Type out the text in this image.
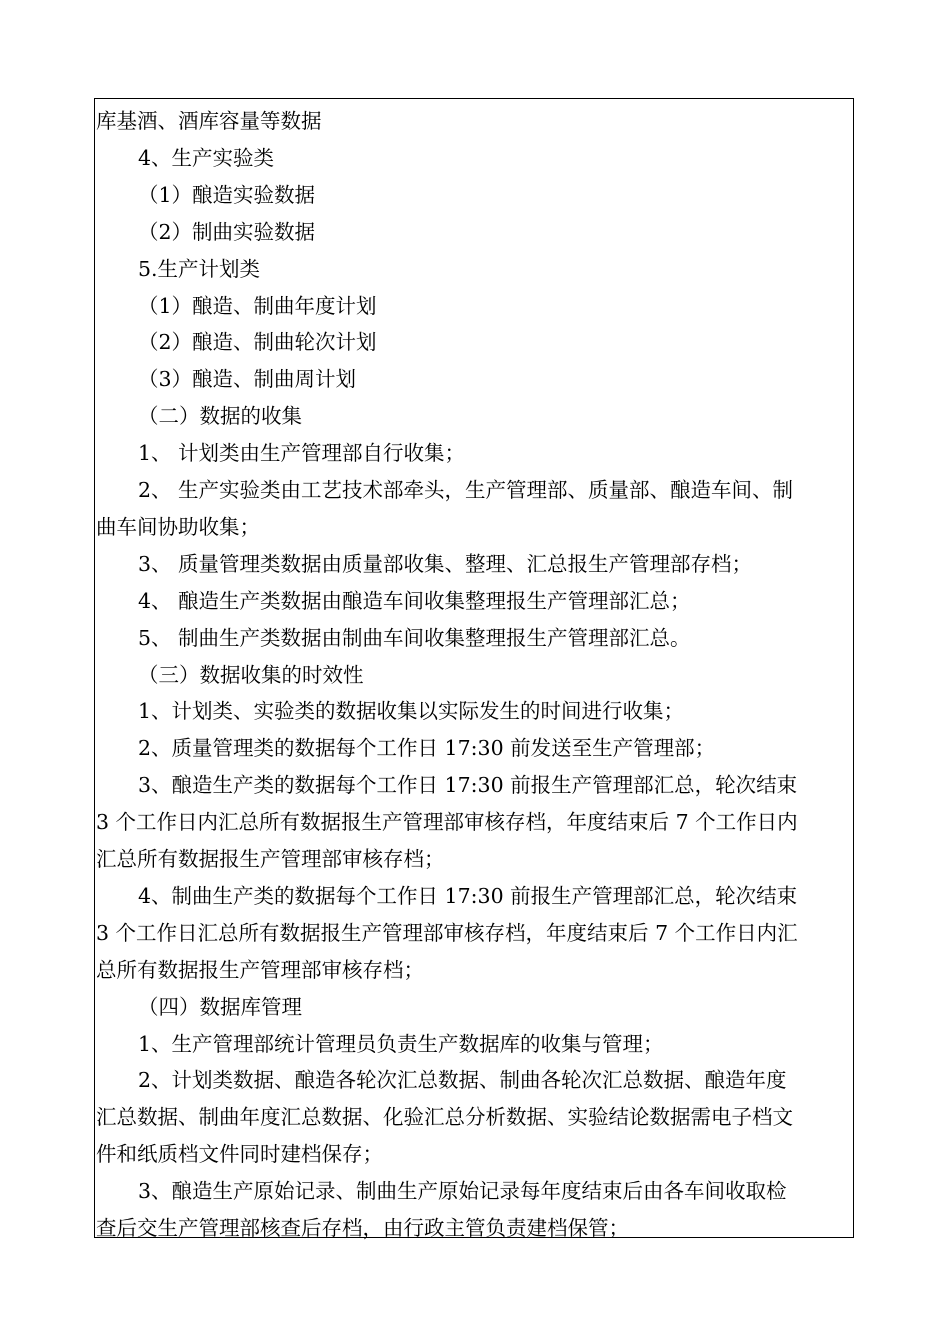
库基酒、酒库容量等数据
4、生产实验类
（1）酿造实验数据
（2）制曲实验数据
5.生产计划类
（1）酿造、制曲年度计划
（2）酿造、制曲轮次计划
（3）酿造、制曲周计划
（二）数据的收集
1、 计划类由生产管理部自行收集；
2、 生产实验类由工艺技术部牵头，生产管理部、质量部、酿造车间、制
曲车间协助收集；
3、 质量管理类数据由质量部收集、整理、汇总报生产管理部存档；
4、 酿造生产类数据由酿造车间收集整理报生产管理部汇总；
5、 制曲生产类数据由制曲车间收集整理报生产管理部汇总。
（三）数据收集的时效性
1、计划类、实验类的数据收集以实际发生的时间进行收集；
2、质量管理类的数据每个工作日 17:30 前发送至生产管理部；
3、酿造生产类的数据每个工作日 17:30 前报生产管理部汇总，轮次结束
3 个工作日内汇总所有数据报生产管理部审核存档，年度结束后 7 个工作日内
汇总所有数据报生产管理部审核存档；
4、制曲生产类的数据每个工作日 17:30 前报生产管理部汇总，轮次结束
3 个工作日汇总所有数据报生产管理部审核存档，年度结束后 7 个工作日内汇
总所有数据报生产管理部审核存档；
（四）数据库管理
1、生产管理部统计管理员负责生产数据库的收集与管理；
2、计划类数据、酿造各轮次汇总数据、制曲各轮次汇总数据、酿造年度
汇总数据、制曲年度汇总数据、化验汇总分析数据、实验结论数据需电子档文
件和纸质档文件同时建档保存；
3、酿造生产原始记录、制曲生产原始记录每年度结束后由各车间收取检
查后交生产管理部核查后存档，由行政主管负责建档保管；
